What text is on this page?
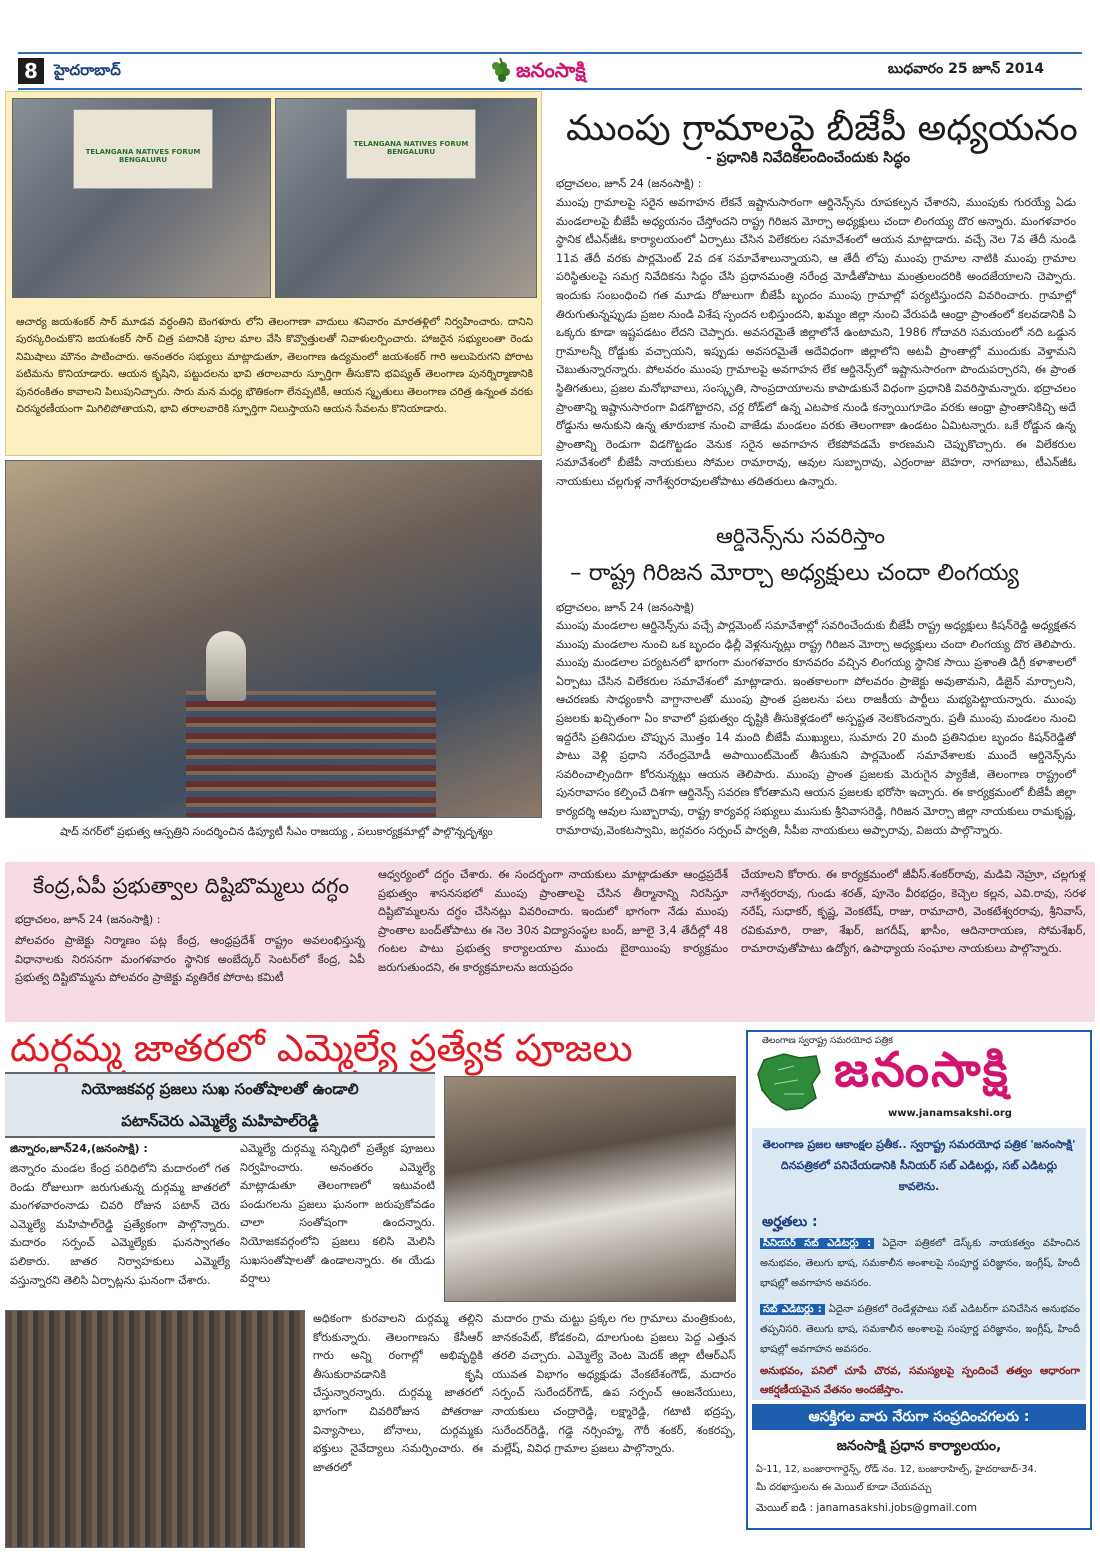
8	హైదరాబాద్	జనంసాక్షి	బుధవారం 25 జూన్ 2014
TELANGANA NATIVES FORUM
BENGALURU
TELANGANA NATIVES FORUM
BENGALURU
ఆచార్య జయశంకర్ సార్ మూడవ వర్ధంతిని బెంగళూరు లోని తెలంగాణా వాదులు శనివారం మారతళ్లిలో నిర్వహించారు. దానిని పురస్కరించుకొని జయశంకర్ సార్ చిత్ర పటానికి పూల మాల వేసి కొవ్వొత్తులతో నివాళులర్పించారు. హాజరైన సభ్యులంతా రెండు నిమిషాలు మౌనం పాటించారు. అనంతరం సభ్యులు మాట్లాడుతూ, తెలంగాణ ఉద్యమంలో జయశంకర్ గారి అలుపెరుగని పోరాట పటిమను కొనియాడారు. ఆయన కృషిని, పట్టుదలను భావి తరాలవారు స్ఫూర్తిగా తీసుకొని భవిష్యత్ తెలంగాణ పునర్నిర్మాణానికి పునరంకితం కావాలని పిలుపునిచ్చారు. సారు మన మధ్య భౌతికంగా లేనప్పటికీ, ఆయన స్మృతులు తెలంగాణ చరిత్ర ఉన్నంత వరకు చిరస్మరణీయంగా మిగిలిపోతాయని, భావి తరాలవారికి స్ఫూర్తిగా నిలుస్తాయని ఆయన సేవలను కొనియాడారు.
షాద్ నగర్‌లో ప్రభుత్వ ఆస్పత్రిని సందర్శించిన డిప్యూటీ సీఎం రాజయ్య , పలుకార్యక్రమాల్లో పాల్గొన్నదృశ్యం
ముంపు గ్రామాలపై బీజేపీ అధ్యయనం
- ప్రధానికి నివేదికలందించేందుకు సిద్ధం
భద్రాచలం, జూన్ 24 (జనంసాక్షి) :
ముంపు గ్రామాలపై సరైన అవగాహన లేకనే ఇష్టానుసారంగా ఆర్డినెన్స్‌ను రూపకల్పన చేశారని, ముంపుకు గురయ్యే ఏడు మండలాలపై బీజేపీ అధ్యయనం చేస్తోందని రాష్ట్ర గిరిజన మోర్చా అధ్యక్షులు చందా లింగయ్య దొర అన్నారు. మంగళవారం స్థానిక టీఎన్‌జీఓ కార్యాలయంలో ఏర్పాటు చేసిన విలేకరుల సమావేశంలో ఆయన మాట్లాడారు. వచ్చే నెల 7వ తేదీ నుండి 11వ తేదీ వరకు పార్లమెంట్ 2వ దశ సమావేశాలున్నాయని, ఆ తేదీ లోపు ముంపు గ్రామాల నాటికి ముంపు గ్రామాల పరిస్థితులపై సమగ్ర నివేదికను సిద్ధం చేసి ప్రధానమంత్రి నరేంద్ర మోడీతోపాటు మంత్రులందరికి అందజేయాలని చెప్పారు. ఇందుకు సంబంధించి గత మూడు రోజులుగా బీజేపీ బృందం ముంపు గ్రామాల్లో పర్యటిస్తుందని వివరించారు. గ్రామాల్లో తిరుగుతున్నప్పుడు ప్రజల నుండి విశేష స్పందన లభిస్తుందని, ఖమ్మం జిల్లా నుంచి వేరుపడి ఆంధ్రా ప్రాంతంలో కలవడానికి ఏ ఒక్కరు కూడా ఇష్టపడటం లేదని చెప్పారు. అవసరమైతే జిల్లాలోనే ఉంటామని, 1986 గోదావరి సమయంలో నది ఒడ్డున గ్రామాలన్నీ రోడ్డుకు వచ్చాయని, ఇప్పుడు అవసరమైతే అదేవిధంగా జిల్లాలోని అటవీ ప్రాంతాల్లో ముందుకు వెళ్తామని చెబుతున్నారన్నారు. పోలవరం ముంపు గ్రామాలపై అవగాహన లేక ఆర్డినెన్స్‌లో ఇష్టానుసారంగా పొందుపర్చారని, ఈ ప్రాంత స్థితిగతులు, ప్రజల మనోభావాలు, సంస్కృతి, సాంప్రదాయాలను కాపాడుకునే విధంగా ప్రధానికి వివరిస్తామన్నారు. భద్రాచలం ప్రాంతాన్ని ఇష్టానుసారంగా విడగొట్టారని, చర్ల రోడ్‌లో ఉన్న ఎటపాక నుండి కన్నాయిగూడెం వరకు ఆంధ్రా ప్రాంతానికిచ్చి అదే రోడ్డును అనుకుని ఉన్న తూరుబాక నుంచి వాజేడు మండలం వరకు తెలంగాణా ఉండటం ఏమిటన్నారు. ఒకే రోడ్డున ఉన్న ప్రాంతాన్ని రెండుగా విడగొట్టడం వెనుక సరైన అవగాహన లేకపోవడమే కారణమని చెప్పుకొచ్చారు. ఈ విలేకరుల సమావేశంలో బీజేపీ నాయకులు సోమల రామారావు, ఆవుల సుబ్బారావు, ఎర్రంరాజు బెహరా, నాగబాబు, టీఎన్‌జీఓ నాయకులు చల్లగుళ్ల నాగేశ్వరరావులతోపాటు తదితరులు ఉన్నారు.
ఆర్డినెన్స్‌ను సవరిస్తాం
– రాష్ట్ర గిరిజన మోర్చా అధ్యక్షులు చందా లింగయ్య
భద్రాచలం, జూన్ 24 (జనంసాక్షి)
ముంపు మండలాల ఆర్డినెన్స్‌ను వచ్చే పార్లమెంట్ సమావేశాల్లో సవరించేందుకు బీజేపీ రాష్ట్ర అధ్యక్షులు కిషన్‌రెడ్డి అధ్యక్షతన ముంపు మండలాల నుంచి ఒక బృందం ఢిల్లీ వెళ్లనున్నట్లు రాష్ట్ర గిరిజన మోర్చా అధ్యక్షులు చందా లింగయ్య దొర తెలిపారు. ముంపు మండలాల పర్యటనలో భాగంగా మంగళవారం కూనవరం వచ్చిన లింగయ్య స్థానిక సాయి ప్రశాంతి డిగ్రీ కళాశాలలో ఏర్పాటు చేసిన విలేకరుల సమావేశంలో మాట్లాడారు. ఇంతకాలంగా పోలవరం ప్రాజెక్టు అవుతామని, డిజైన్ మార్చాలని, ఆచరణకు సాధ్యంకానీ వాగ్దానాలతో ముంపు ప్రాంత ప్రజలను పలు రాజకీయ పార్టీలు మభ్యపెట్టాయన్నారు. ముంపు ప్రజలకు ఖచ్చితంగా ఏం కావాలో ప్రభుత్వం దృష్టికి తీసుకెళ్లడంలో అస్పష్టత నెలకొందన్నారు. ప్రతీ ముంపు మండలం నుంచి ఇద్దరేసి ప్రతినిధుల చొప్పున మొత్తం 14 మంది బీజేపీ ముఖ్యులు, సుమారు 20 మంది ప్రతినిధుల బృందం కిషన్‌రెడ్డితో పాటు వెళ్లి ప్రధాని నరేంద్రమోడీ అపాయింట్‌మెంట్ తీసుకుని పార్లమెంట్ సమావేశాలకు ముందే ఆర్డినెన్స్‌ను సవరించాల్సిందిగా కోరనున్నట్లు ఆయన తెలిపారు. ముంపు ప్రాంత ప్రజలకు మెరుగైన ప్యాకేజీ, తెలంగాణ రాష్ట్రంలో పునరావాసం కల్పించే దిశగా ఆర్డినెన్స్ సవరణ కోరతామని ఆయన ప్రజలకు భరోసా ఇచ్చారు. ఈ కార్యక్రమంలో బీజేపీ జిల్లా కార్యదర్శి ఆవుల సుబ్బారావు, రాష్ట్ర కార్యవర్గ సభ్యులు ముసుకు శ్రీనివాసరెడ్డి, గిరిజన మోర్చా జిల్లా నాయకులు రామకృష్ణ, రామారావు,వెంకటస్వామి, జగ్గవరం సర్పంచ్ పార్వతి, సీపీఐ నాయకులు అప్పారావు, విజయ పాల్గొన్నారు.
కేంద్ర,ఏపీ ప్రభుత్వాల దిష్టిబొమ్మలు దగ్ధం
భద్రాచలం, జూన్ 24 (జనంసాక్షి) :
పోలవరం ప్రాజెక్టు నిర్మాణం పట్ల కేంద్ర, ఆంధ్రప్రదేశ్ రాష్ట్రం అవలంభిస్తున్న విధానాలకు నిరసనగా మంగళవారం స్థానిక అంబేద్కర్ సెంటర్‌లో కేంద్ర, ఏపీ ప్రభుత్వ దిష్టిబొమ్మను పోలవరం ప్రాజెక్టు వ్యతిరేక పోరాట కమిటీ
ఆధ్వర్యంలో దగ్ధం చేశారు. ఈ సందర్భంగా నాయకులు మాట్లాడుతూ ఆంధ్రప్రదేశ్ ప్రభుత్వం శాసనసభలో ముంపు ప్రాంతాలపై చేసిన తీర్మానాన్ని నిరసిస్తూ దిష్టిబొమ్మలను దగ్ధం చేసినట్లు వివరించారు. ఇందులో భాగంగా నేడు ముంపు ప్రాంతాల బంద్‌తోపాటు ఈ నెల 30న విద్యాసంస్థల బంద్, జూలై 3,4 తేదీల్లో 48 గంటల పాటు ప్రభుత్వ కార్యాలయాల ముందు బైఠాయింపు కార్యక్రమం జరుగుతుందని, ఈ కార్యక్రమాలను జయప్రదం
చేయాలని కోరారు. ఈ కార్యక్రమంలో జీవీస్.శంకర్‌రావు, మడివి నెహ్రూ, చల్లగుళ్ల నాగేశ్వరరావు, గుండు శరత్, పూనెం వీరభద్రం, కెచ్చెల కల్లన, ఎవి.రావు, సరళ నరేష్, సుధాకర్, కృష్ణ, వెంకటేష్, రాజు, రామాచారి, వెంకటేశ్వరరావు, శ్రీనివాస్, రవికుమారి, రాజా, శేఖర్, జగదీష్, ఖాసీం, ఆదినారాయణ, సోమశేఖర్, రామారావుతోపాటు ఉద్యోగ, ఉపాధ్యాయ సంఘాల నాయకులు పాల్గొన్నారు.
దుర్గమ్మ జాతరలో ఎమ్మెల్యే ప్రత్యేక పూజలు
నియోజకవర్గ ప్రజలు సుఖ సంతోషాలతో ఉండాలి
పటాన్‌చెరు ఎమ్మెల్యే మహిపాల్‌రెడ్డి
జిన్నారం,జూన్24,(జనంసాక్షి) :
జిన్నారం మండల కేంద్ర పరిధిలోని మదారంలో గత రెండు రోజులుగా జరుగుతున్న దుర్గమ్మ జాతరలో మంగళవారంనాడు చివరి రోజున పటాన్ చెరు ఎమ్మెల్యే మహిపాల్‌రెడ్డి ప్రత్యేకంగా పాల్గొన్నారు. మదారం సర్పంచ్ ఎమ్మెల్యేకు ఘనస్వాగతం పలికారు. జాతర నిర్వాహకులు ఎమ్మెల్యే వస్తున్నారని తెలిసి ఏర్పాట్లను ఘనంగా చేశారు.
ఎమ్మెల్యే దుర్గమ్మ సన్నిధిలో ప్రత్యేక పూజలు నిర్వహించారు. అనంతరం ఎమ్మెల్యే మాట్లాడుతూ తెలంగాణలో ఇటువంటి పండుగలను ప్రజలు ఘనంగా జరుపుకోవడం చాలా సంతోషంగా ఉందన్నారు. నియోజకవర్గంలోని ప్రజలు కలిసి మెలిసి సుఖసంతోషాలతో ఉండాలన్నారు. ఈ యేడు వర్షాలు
అధికంగా కురవాలని దుర్గమ్మ తల్లిని కోరుకున్నారు. తెలంగాణను కేసీఆర్ గారు అన్ని రంగాల్లో అభివృద్ధికి తీసుకురావడానికి కృషి చేస్తున్నారన్నారు. దుర్గమ్మ జాతరలో భాగంగా చివరిరోజున పోతరాజు విన్యాసాలు, బోనాలు, దుర్గమ్మకు భక్తులు నైవేద్యాలు సమర్పించారు. ఈ జాతరలో
మదారం గ్రామ చుట్టు ప్రక్కల గల గ్రామాలు మంత్రికుంట, జానకంపేట్, కోడకంచి, దూలగుంట ప్రజలు పెద్ద ఎత్తున తరలి వచ్చారు. ఎమ్మెల్యే వెంట మెదక్ జిల్లా టీఆర్‌ఎస్ యువత విభాగం అధ్యక్షుడు వేంకటేశంగౌడ్, మదారం సర్పంచ్ సురేందర్‌గౌడ్, ఉప సర్పంచ్ ఆంజనేయులు, నాయకులు చంద్రారెడ్డి, లక్ష్మారెడ్డి, గటాటి భద్రప్ప, సురేందర్‌రెడ్డి, గడ్డె నర్సింహ్మ, గౌరీ శంకర్, శంకరప్ప, మల్లేష్, వివిధ గ్రామాల ప్రజలు పాల్గొన్నారు.
తెలంగాణ స్వరాష్ట్ర సమరయోధ పత్రిక
జనంసాక్షి
www.janamsakshi.org
తెలంగాణ ప్రజల ఆకాంక్షల ప్రతీక.. స్వరాష్ట్ర సమరయోధ పత్రిక 'జనంసాక్షి' దినపత్రికలో పనిచేయడానికి సీనియర్ సబ్ ఎడిటర్లు, సబ్ ఎడిటర్లు కావలెను.
అర్హతలు :
సీనియర్ సబ్ ఎడిటర్లు : ఏదైనా పత్రికలో డెస్క్‌కు నాయకత్వం వహించిన అనుభవం, తెలుగు భాష, సమకాలీన అంశాలపై సంపూర్ణ పరిజ్ఞానం, ఇంగ్లీష్, హిందీ భాషల్లో అవగాహన అవసరం.
సబ్ ఎడిటర్లు : ఏదైనా పత్రికలో రెండేళ్లపాటు సబ్ ఎడిటర్‌గా పనిచేసిన అనుభవం తప్పనిసరి. తెలుగు భాష, సమకాలీన అంశాలపై సంపూర్ణ పరిజ్ఞానం, ఇంగ్లీష్, హిందీ భాషల్లో అవగాహన అవసరం.
అనుభవం, పనిలో చూపే చొరవ, సమస్యలపై స్పందించే తత్వం ఆధారంగా ఆకర్షణీయమైన వేతనం అందజేస్తాం.
ఆసక్తిగల వారు నేరుగా సంప్రదించగలరు :
జనంసాక్షి ప్రధాన కార్యాలయం,
ఏ-11, 12, బంజారాగార్డెన్స్, రోడ్ నం. 12, బంజారాహిల్స్, హైదరాబాద్-34.
మీ దరఖాస్తులను ఈ మెయిల్ కూడా చేయవచ్చు
మెయిల్ ఐడి : janamasakshi.jobs@gmail.com
